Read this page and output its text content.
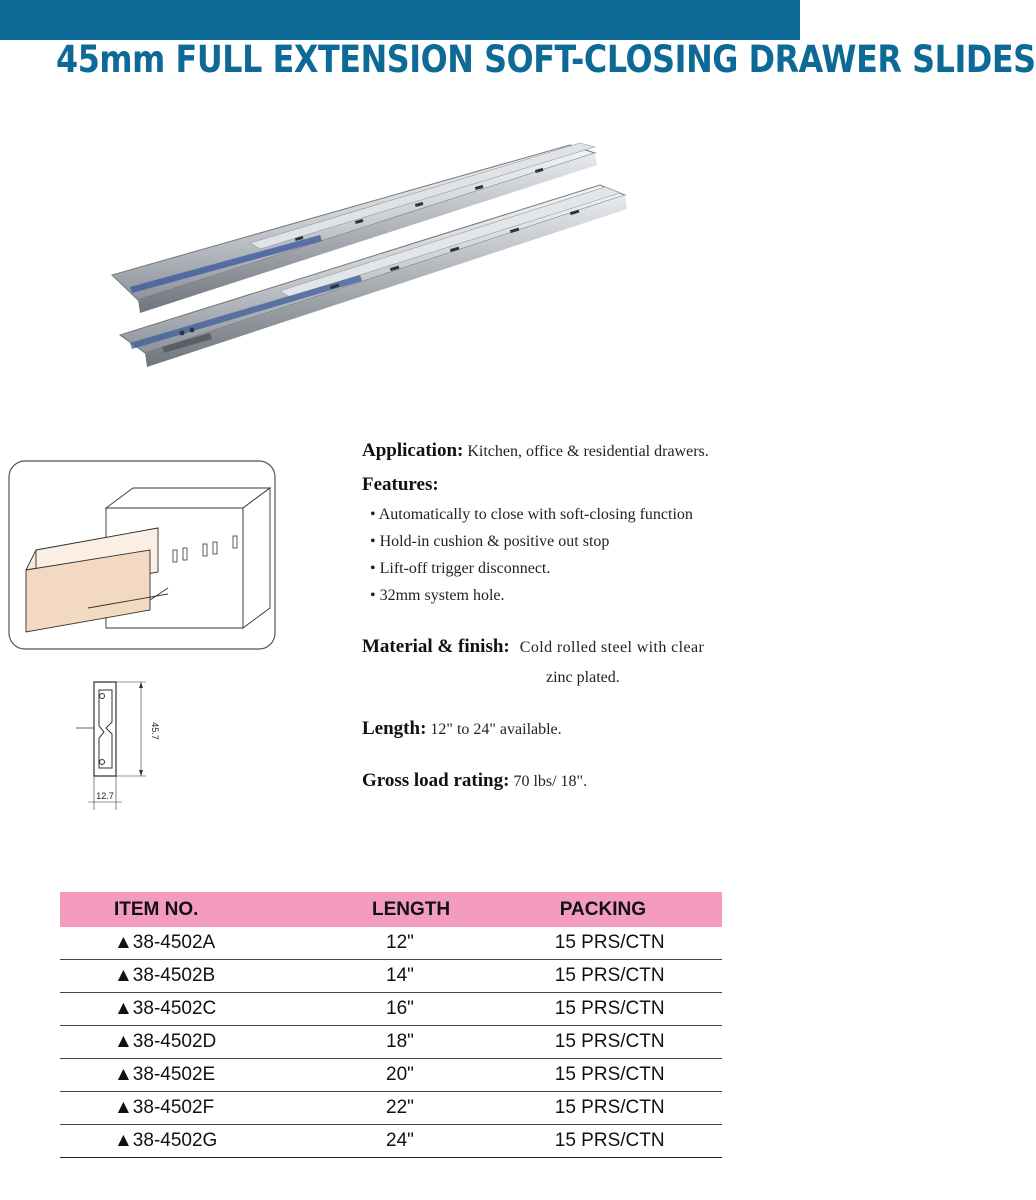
45mm FULL EXTENSION SOFT-CLOSING DRAWER SLIDES
45.7
12.7
Application: Kitchen, office & residential drawers.
Features:
• Automatically to close with soft-closing function
• Hold-in cushion & positive out stop
• Lift-off trigger disconnect.
• 32mm system hole.
Material & finish: Cold rolled steel with clear
zinc plated.
Length: 12" to 24" available.
Gross load rating: 70 lbs/ 18".
ITEM NO.	LENGTH	PACKING
▲38-4502A	12"	15 PRS/CTN
▲38-4502B	14"	15 PRS/CTN
▲38-4502C	16"	15 PRS/CTN
▲38-4502D	18"	15 PRS/CTN
▲38-4502E	20"	15 PRS/CTN
▲38-4502F	22"	15 PRS/CTN
▲38-4502G	24"	15 PRS/CTN
